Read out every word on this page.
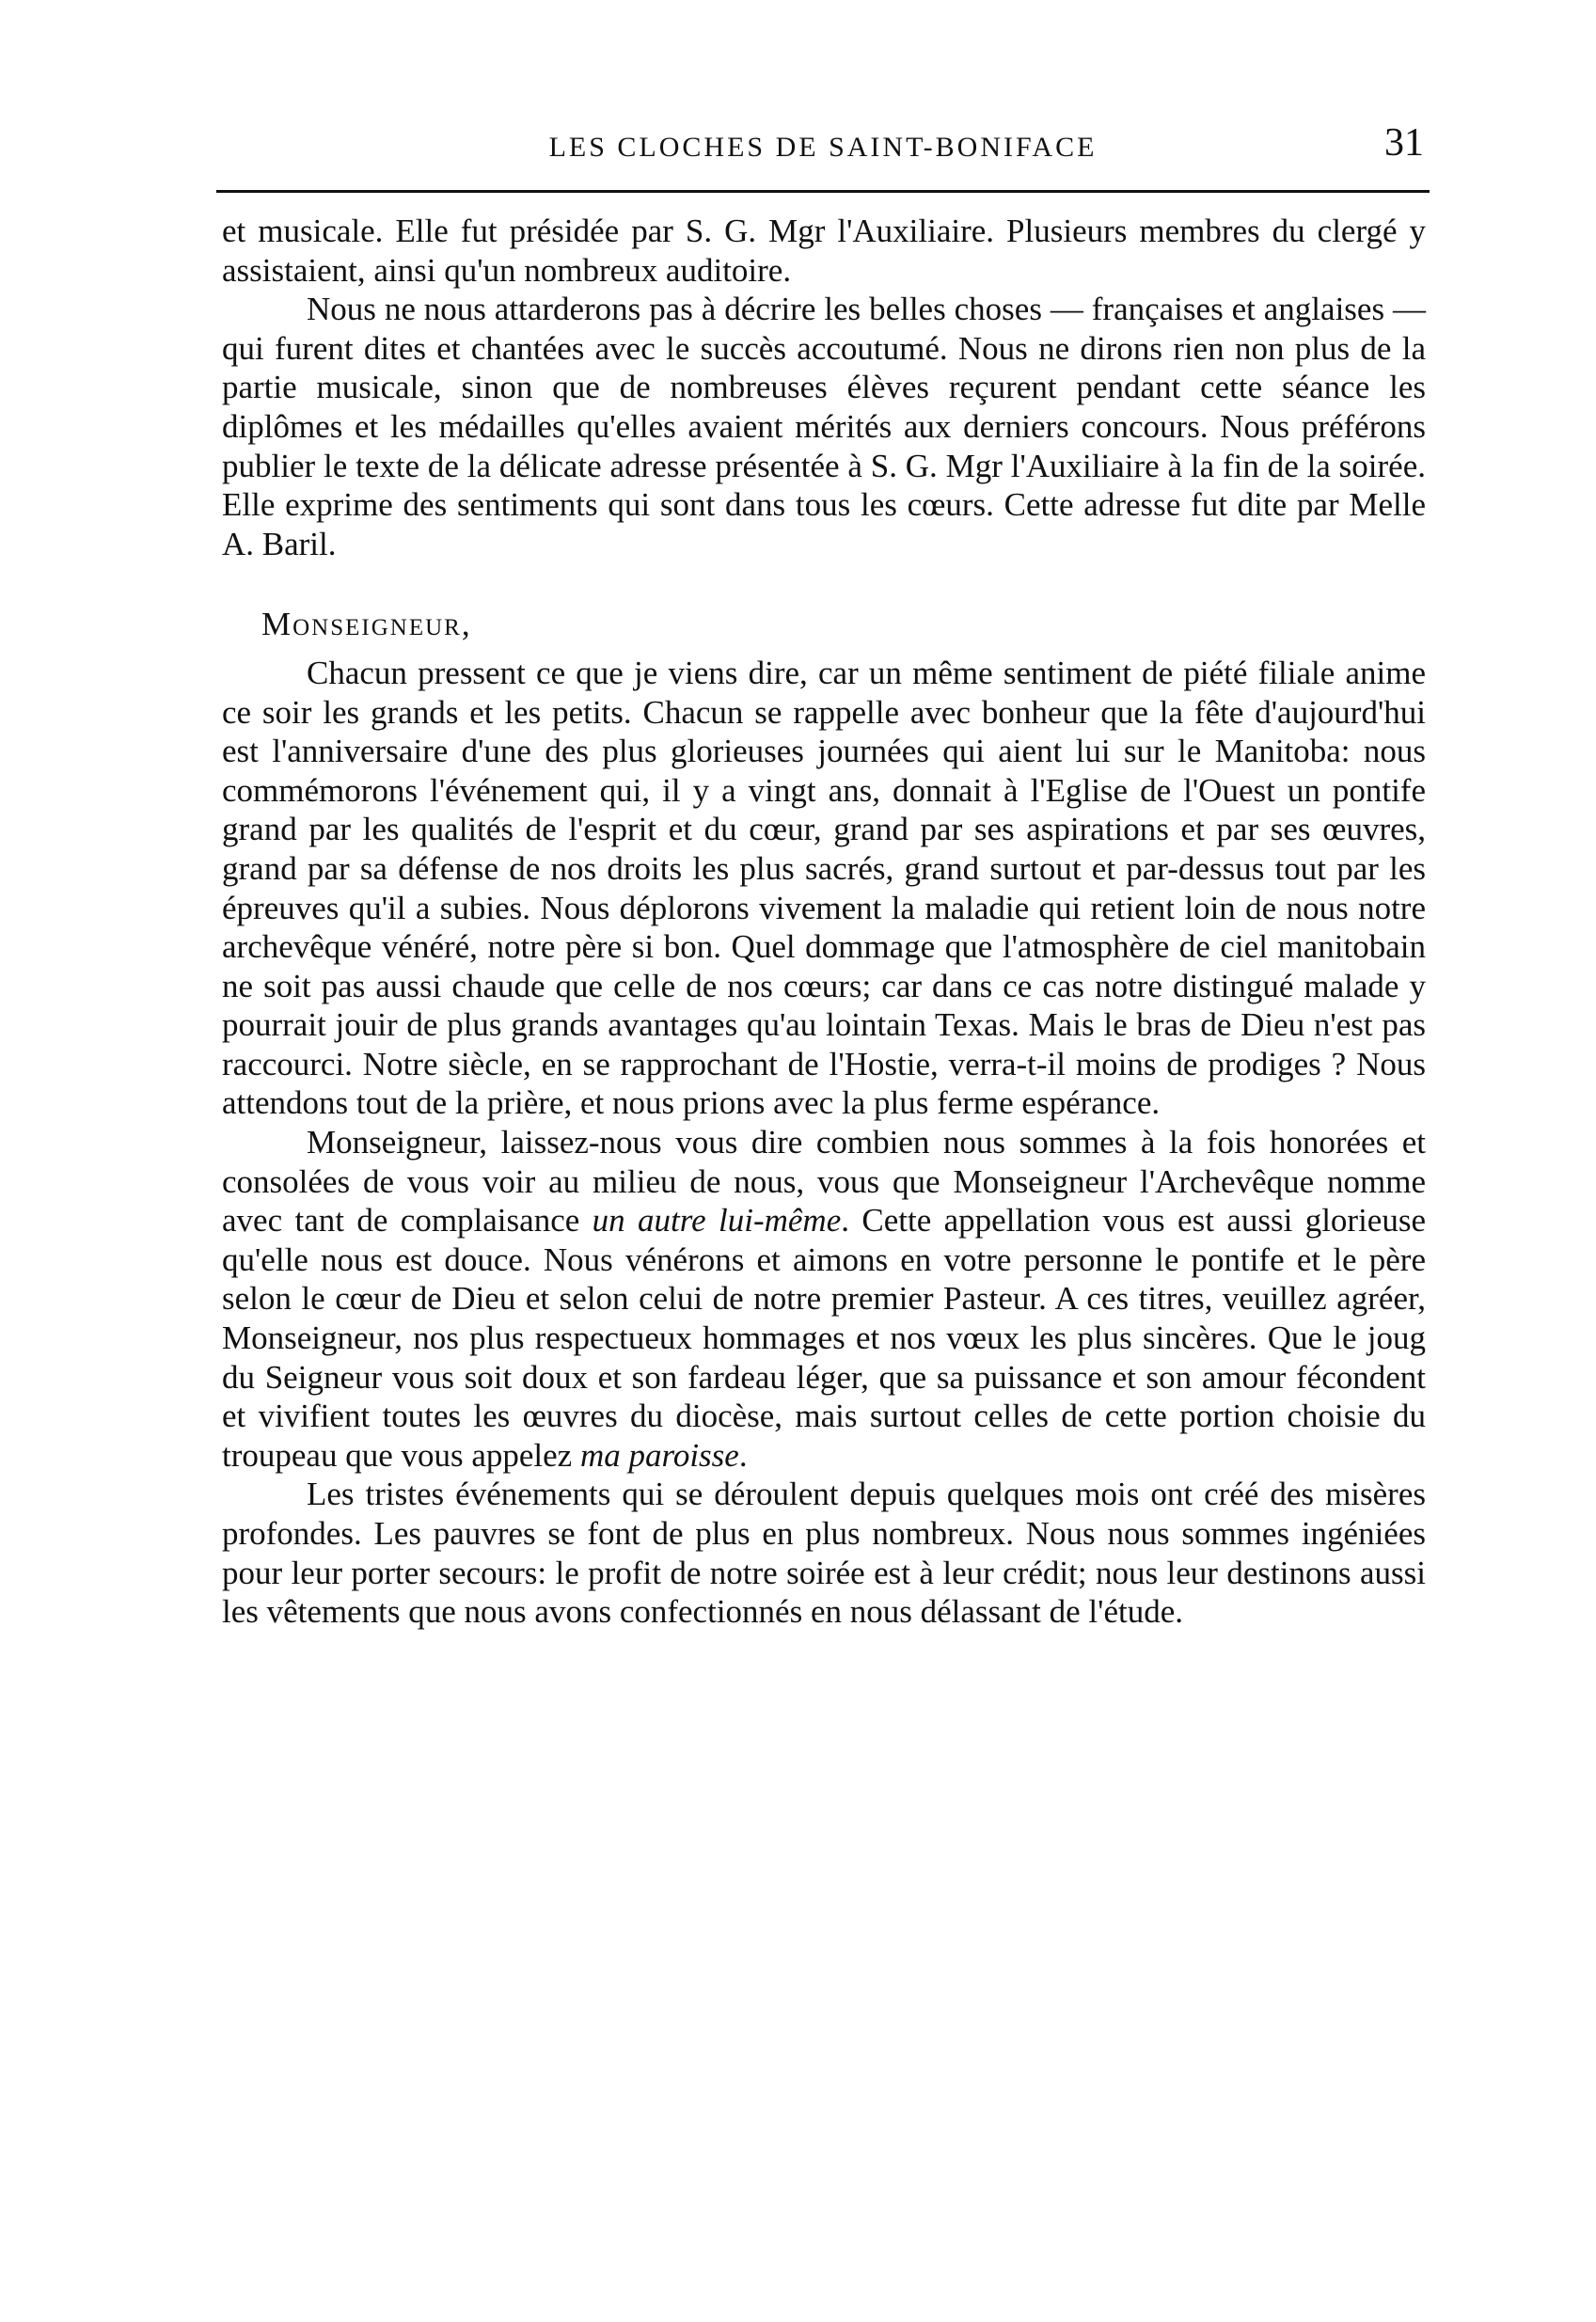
LES CLOCHES DE SAINT-BONIFACE	31

et musicale. Elle fut présidée par S. G. Mgr l'Auxiliaire. Plusieurs membres du clergé y assistaient, ainsi qu'un nombreux auditoire.

Nous ne nous attarderons pas à décrire les belles choses — françaises et anglaises — qui furent dites et chantées avec le succès accoutumé. Nous ne dirons rien non plus de la partie musicale, sinon que de nombreuses élèves reçurent pendant cette séance les diplômes et les médailles qu'elles avaient mérités aux derniers concours. Nous préférons publier le texte de la délicate adresse présentée à S. G. Mgr l'Auxiliaire à la fin de la soirée. Elle exprime des sentiments qui sont dans tous les cœurs. Cette adresse fut dite par Melle A. Baril.

Monseigneur,

Chacun pressent ce que je viens dire, car un même sentiment de piété filiale anime ce soir les grands et les petits. Chacun se rappelle avec bonheur que la fête d'aujourd'hui est l'anniversaire d'une des plus glorieuses journées qui aient lui sur le Manitoba: nous commémorons l'événement qui, il y a vingt ans, donnait à l'Eglise de l'Ouest un pontife grand par les qualités de l'esprit et du cœur, grand par ses aspirations et par ses œuvres, grand par sa défense de nos droits les plus sacrés, grand surtout et par-dessus tout par les épreuves qu'il a subies. Nous déplorons vivement la maladie qui retient loin de nous notre archevêque vénéré, notre père si bon. Quel dommage que l'atmosphère de ciel manitobain ne soit pas aussi chaude que celle de nos cœurs; car dans ce cas notre distingué malade y pourrait jouir de plus grands avantages qu'au lointain Texas. Mais le bras de Dieu n'est pas raccourci. Notre siècle, en se rapprochant de l'Hostie, verra-t-il moins de prodiges ? Nous attendons tout de la prière, et nous prions avec la plus ferme espérance.

Monseigneur, laissez-nous vous dire combien nous sommes à la fois honorées et consolées de vous voir au milieu de nous, vous que Monseigneur l'Archevêque nomme avec tant de complaisance un autre lui-même. Cette appellation vous est aussi glorieuse qu'elle nous est douce. Nous vénérons et aimons en votre personne le pontife et le père selon le cœur de Dieu et selon celui de notre premier Pasteur. A ces titres, veuillez agréer, Monseigneur, nos plus respectueux hommages et nos vœux les plus sincères. Que le joug du Seigneur vous soit doux et son fardeau léger, que sa puissance et son amour fécondent et vivifient toutes les œuvres du diocèse, mais surtout celles de cette portion choisie du troupeau que vous appelez ma paroisse.

Les tristes événements qui se déroulent depuis quelques mois ont créé des misères profondes. Les pauvres se font de plus en plus nombreux. Nous nous sommes ingéniées pour leur porter secours: le profit de notre soirée est à leur crédit; nous leur destinons aussi les vêtements que nous avons confectionnés en nous délassant de l'étude.
